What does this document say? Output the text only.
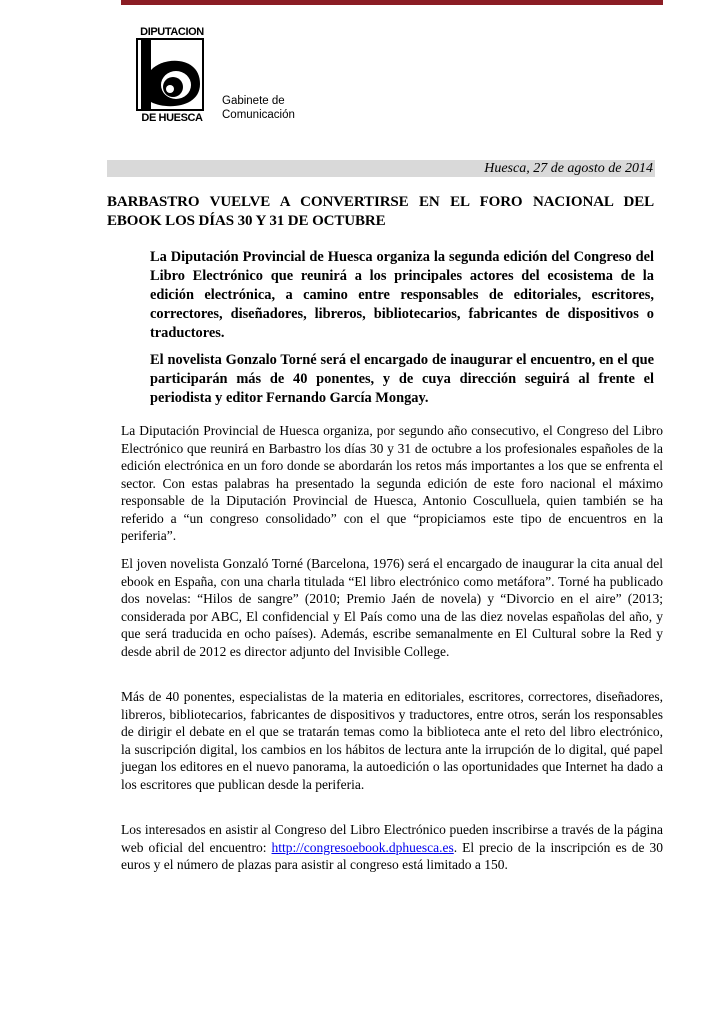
DIPUTACION
DE HUESCA
Gabinete de
Comunicación
Huesca, 27 de agosto de 2014
BARBASTRO VUELVE A CONVERTIRSE EN EL FORO NACIONAL DEL EBOOK LOS DÍAS 30 Y 31 DE OCTUBRE

La Diputación Provincial de Huesca organiza la segunda edición del Congreso del Libro Electrónico que reunirá a los principales actores del ecosistema de la edición electrónica, a camino entre responsables de editoriales, escritores, correctores, diseñadores, libreros, bibliotecarios, fabricantes de dispositivos o traductores.

El novelista Gonzalo Torné será el encargado de inaugurar el encuentro, en el que participarán más de 40 ponentes, y de cuya dirección seguirá al frente el periodista y editor Fernando García Mongay.

La Diputación Provincial de Huesca organiza, por segundo año consecutivo, el Congreso del Libro Electrónico que reunirá en Barbastro los días 30 y 31 de octubre a los profesionales españoles de la edición electrónica en un foro donde se abordarán los retos más importantes a los que se enfrenta el sector. Con estas palabras ha presentado la segunda edición de este foro nacional el máximo responsable de la Diputación Provincial de Huesca, Antonio Cosculluela, quien también se ha referido a “un congreso consolidado” con el que “propiciamos este tipo de encuentros en la periferia”.

El joven novelista Gonzaló Torné (Barcelona, 1976) será el encargado de inaugurar la cita anual del ebook en España, con una charla titulada “El libro electrónico como metáfora”. Torné ha publicado dos novelas: “Hilos de sangre” (2010; Premio Jaén de novela) y “Divorcio en el aire” (2013; considerada por ABC, El confidencial y El País como una de las diez novelas españolas del año, y que será traducida en ocho países). Además, escribe semanalmente en El Cultural sobre la Red y desde abril de 2012 es director adjunto del Invisible College.

Más de 40 ponentes, especialistas de la materia en editoriales, escritores, correctores, diseñadores, libreros, bibliotecarios, fabricantes de dispositivos y traductores, entre otros, serán los responsables de dirigir el debate en el que se tratarán temas como la biblioteca ante el reto del libro electrónico, la suscripción digital, los cambios en los hábitos de lectura ante la irrupción de lo digital, qué papel juegan los editores en el nuevo panorama, la autoedición o las oportunidades que Internet ha dado a los escritores que publican desde la periferia.

Los interesados en asistir al Congreso del Libro Electrónico pueden inscribirse a través de la página web oficial del encuentro: http://congresoebook.dphuesca.es. El precio de la inscripción es de 30 euros y el número de plazas para asistir al congreso está limitado a 150.
